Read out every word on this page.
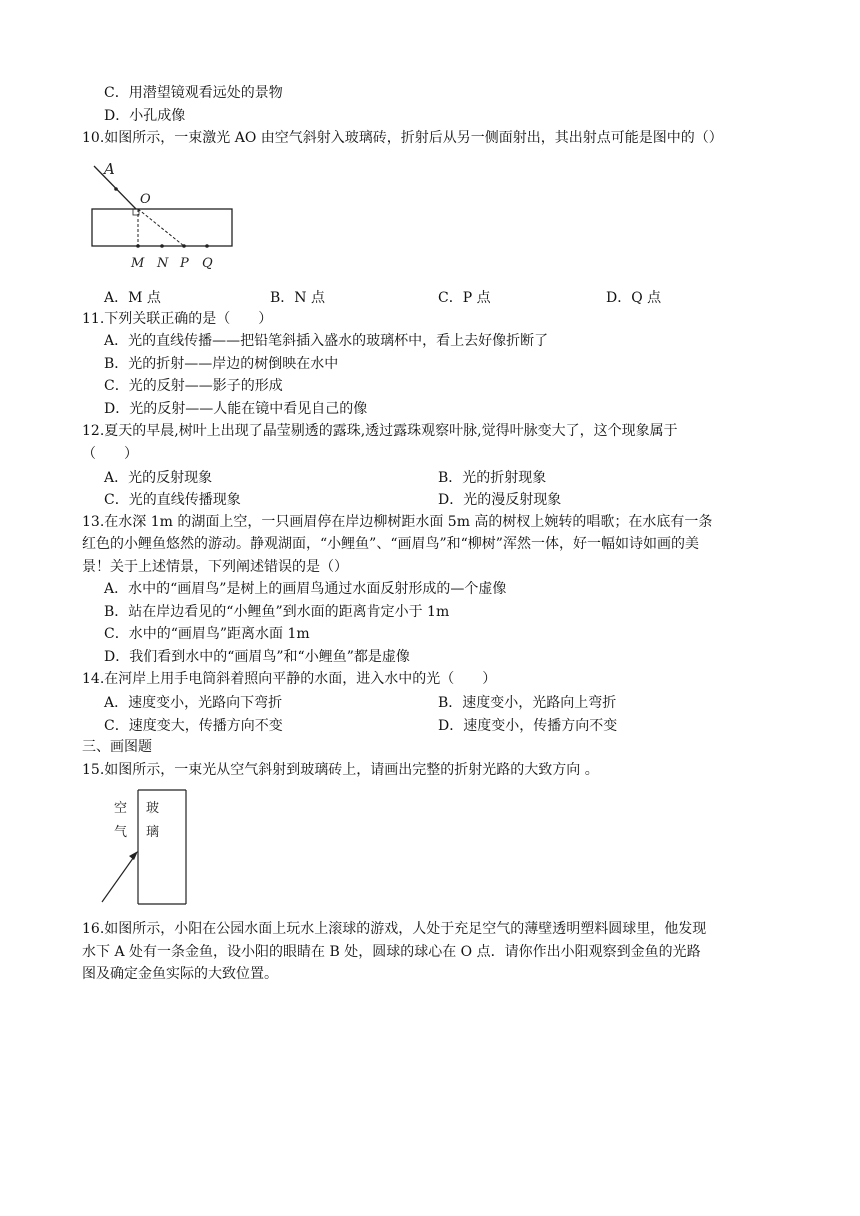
C．用潜望镜观看远处的景物
D．小孔成像
10.如图所示，一束激光 AO 由空气斜射入玻璃砖，折射后从另一侧面射出，其出射点可能是图中的（）
A
O
M N P Q
A．M 点	B．N 点	C．P 点	D．Q 点
11.下列关联正确的是（　　）
A．光的直线传播——把铅笔斜插入盛水的玻璃杯中，看上去好像折断了
B．光的折射——岸边的树倒映在水中
C．光的反射——影子的形成
D．光的反射——人能在镜中看见自己的像
12.夏天的早晨,树叶上出现了晶莹剔透的露珠,透过露珠观察叶脉,觉得叶脉变大了，这个现象属于
（　　）
A．光的反射现象	B．光的折射现象
C．光的直线传播现象	D．光的漫反射现象
13.在水深 1m 的湖面上空，一只画眉停在岸边柳树距水面 5m 高的树杈上婉转的唱歌；在水底有一条
红色的小鲤鱼悠然的游动。静观湖面，“小鲤鱼”、“画眉鸟”和“柳树”浑然一体，好一幅如诗如画的美
景！关于上述情景，下列阐述错误的是（）
A．水中的“画眉鸟”是树上的画眉鸟通过水面反射形成的—个虚像
B．站在岸边看见的“小鲤鱼”到水面的距离肯定小于 1m
C．水中的“画眉鸟”距离水面 1m
D．我们看到水中的“画眉鸟”和“小鲤鱼”都是虚像
14.在河岸上用手电筒斜着照向平静的水面，进入水中的光（　　）
A．速度变小，光路向下弯折	B．速度变小，光路向上弯折
C．速度变大，传播方向不变	D．速度变小，传播方向不变
三、画图题
15.如图所示，一束光从空气斜射到玻璃砖上，请画出完整的折射光路的大致方向 。
空
气
玻
璃
16.如图所示，小阳在公园水面上玩水上滚球的游戏，人处于充足空气的薄壁透明塑料圆球里，他发现
水下 A 处有一条金鱼，设小阳的眼睛在 B 处，圆球的球心在 O 点．请你作出小阳观察到金鱼的光路
图及确定金鱼实际的大致位置。
